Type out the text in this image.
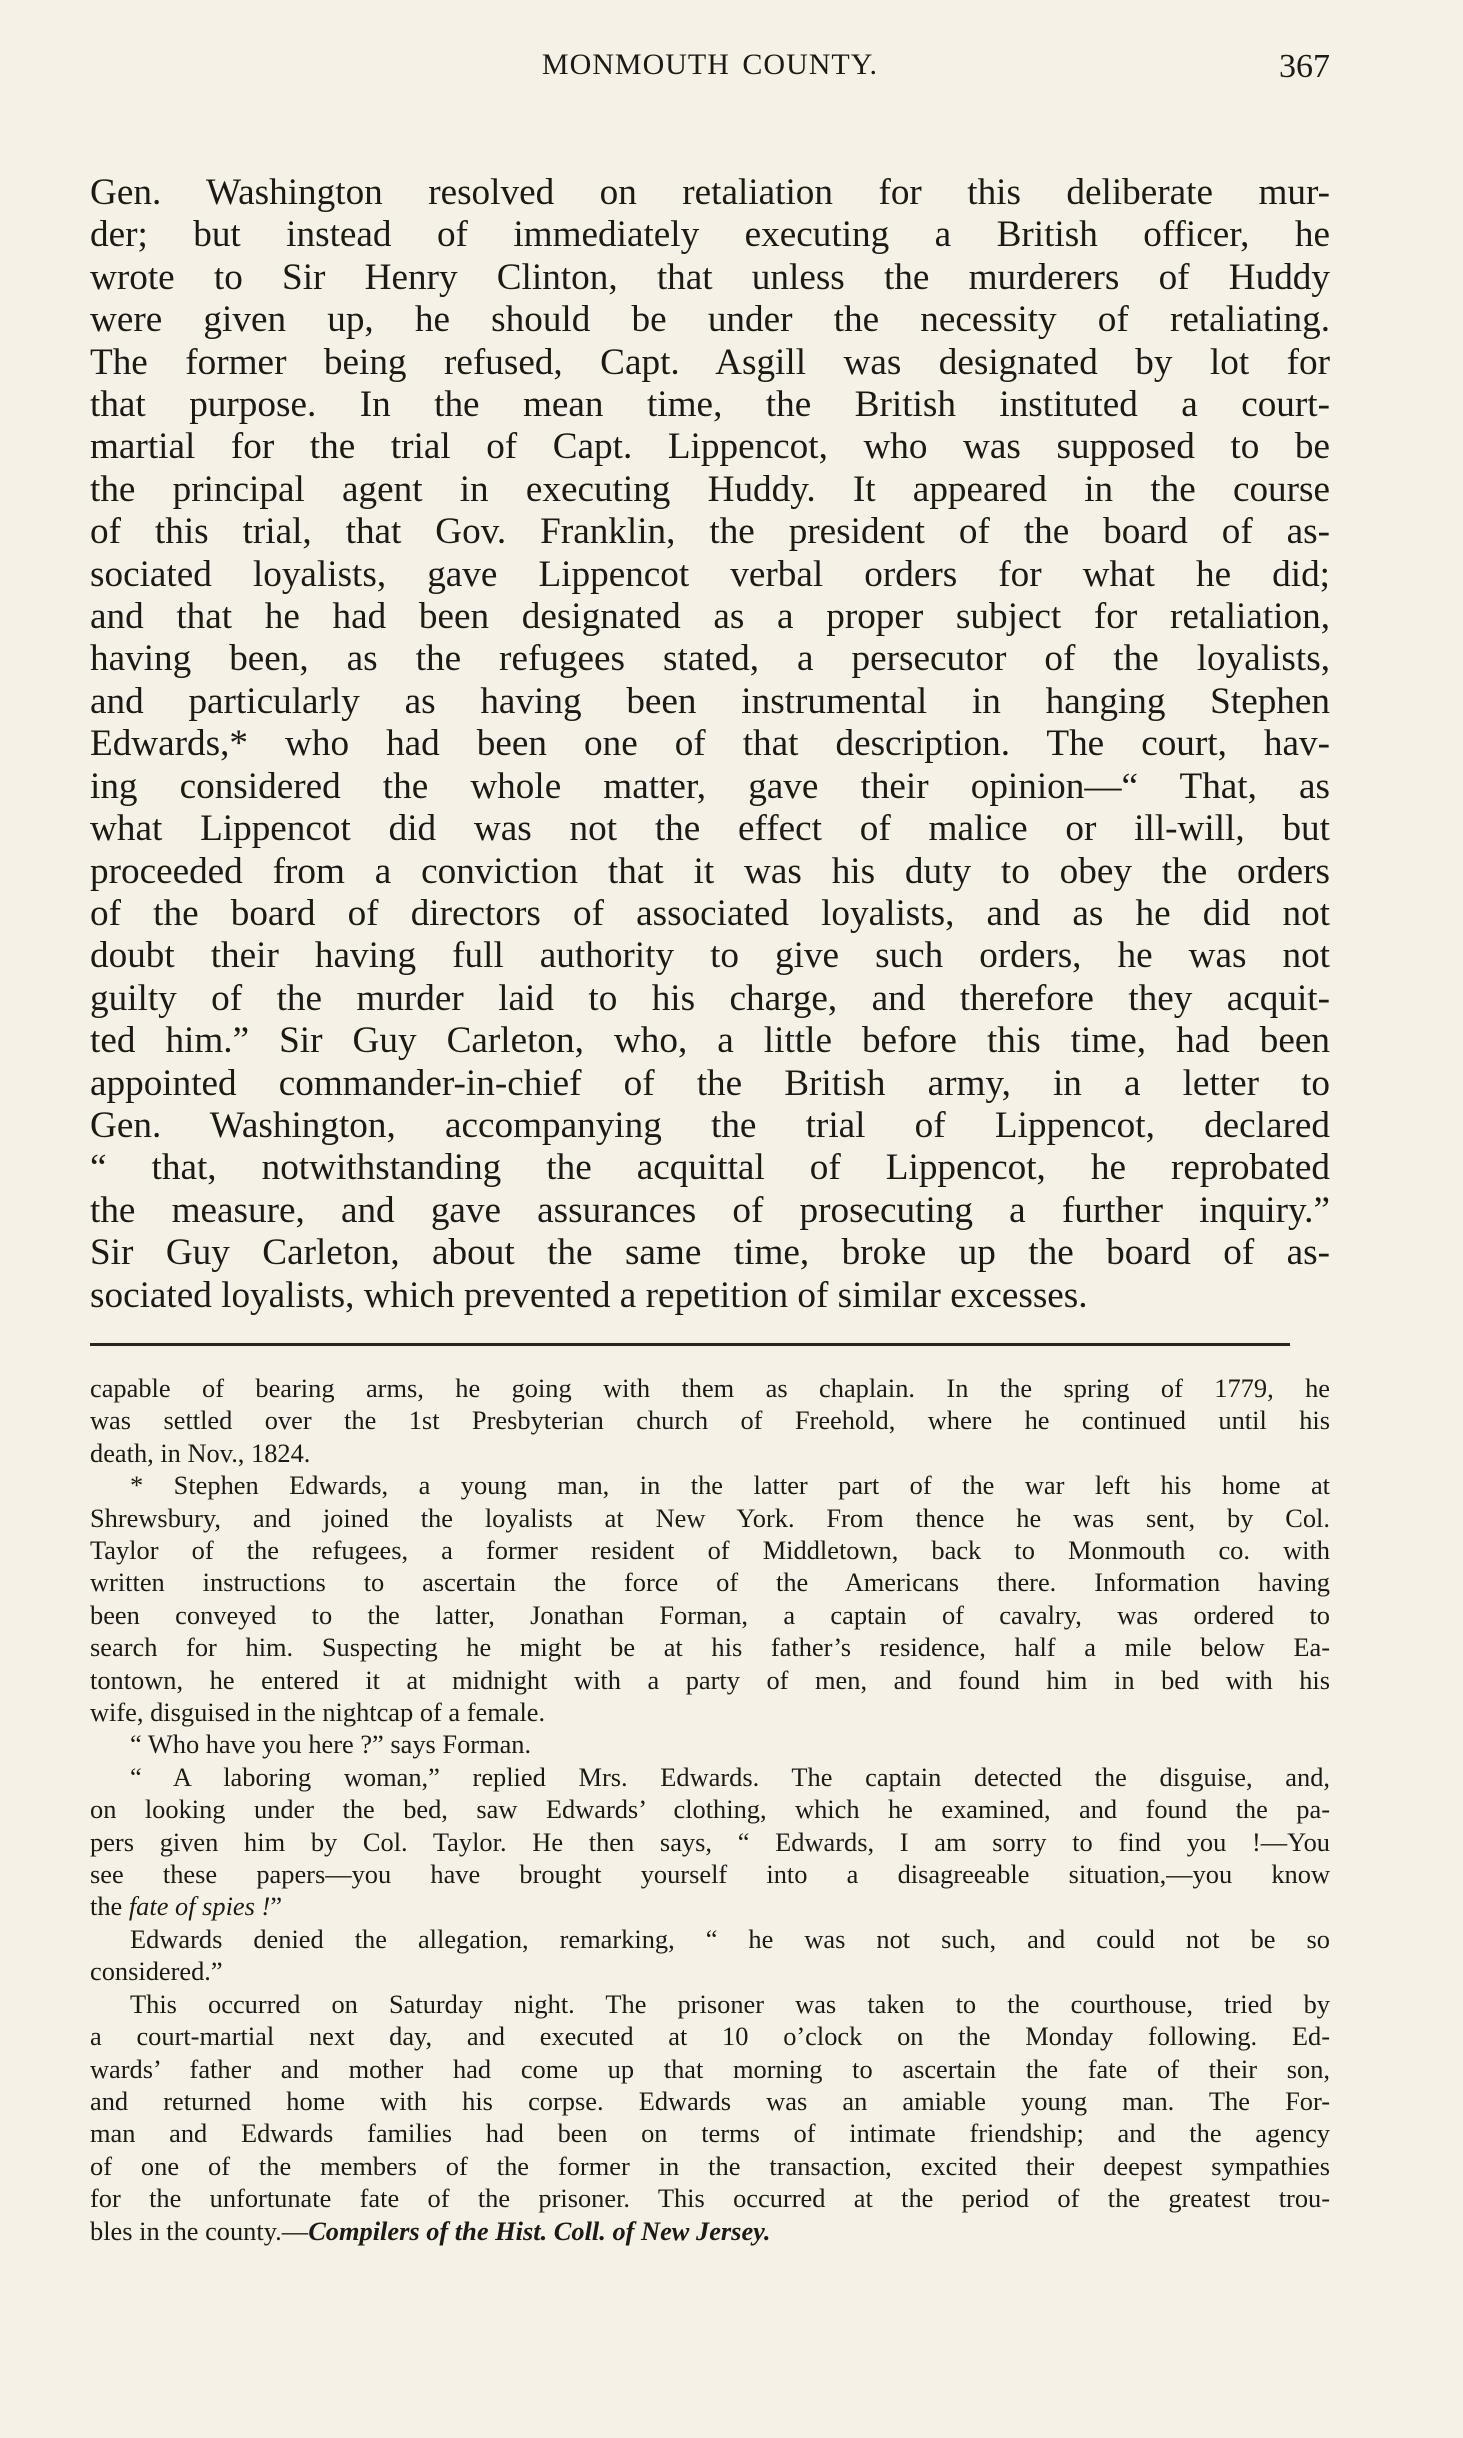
MONMOUTH COUNTY.	367
Gen. Washington resolved on retaliation for this deliberate mur-
der; but instead of immediately executing a British officer, he
wrote to Sir Henry Clinton, that unless the murderers of Huddy
were given up, he should be under the necessity of retaliating.
The former being refused, Capt. Asgill was designated by lot for
that purpose. In the mean time, the British instituted a court-
martial for the trial of Capt. Lippencot, who was supposed to be
the principal agent in executing Huddy. It appeared in the course
of this trial, that Gov. Franklin, the president of the board of as-
sociated loyalists, gave Lippencot verbal orders for what he did;
and that he had been designated as a proper subject for retaliation,
having been, as the refugees stated, a persecutor of the loyalists,
and particularly as having been instrumental in hanging Stephen
Edwards,* who had been one of that description. The court, hav-
ing considered the whole matter, gave their opinion—“ That, as
what Lippencot did was not the effect of malice or ill-will, but
proceeded from a conviction that it was his duty to obey the orders
of the board of directors of associated loyalists, and as he did not
doubt their having full authority to give such orders, he was not
guilty of the murder laid to his charge, and therefore they acquit-
ted him.” Sir Guy Carleton, who, a little before this time, had been
appointed commander-in-chief of the British army, in a letter to
Gen. Washington, accompanying the trial of Lippencot, declared
“ that, notwithstanding the acquittal of Lippencot, he reprobated
the measure, and gave assurances of prosecuting a further inquiry.”
Sir Guy Carleton, about the same time, broke up the board of as-
sociated loyalists, which prevented a repetition of similar excesses.
capable of bearing arms, he going with them as chaplain. In the spring of 1779, he
was settled over the 1st Presbyterian church of Freehold, where he continued until his
death, in Nov., 1824.
* Stephen Edwards, a young man, in the latter part of the war left his home at
Shrewsbury, and joined the loyalists at New York. From thence he was sent, by Col.
Taylor of the refugees, a former resident of Middletown, back to Monmouth co. with
written instructions to ascertain the force of the Americans there. Information having
been conveyed to the latter, Jonathan Forman, a captain of cavalry, was ordered to
search for him. Suspecting he might be at his father’s residence, half a mile below Ea-
tontown, he entered it at midnight with a party of men, and found him in bed with his
wife, disguised in the nightcap of a female.
“ Who have you here ?” says Forman.
“ A laboring woman,” replied Mrs. Edwards. The captain detected the disguise, and,
on looking under the bed, saw Edwards’ clothing, which he examined, and found the pa-
pers given him by Col. Taylor. He then says, “ Edwards, I am sorry to find you !—You
see these papers—you have brought yourself into a disagreeable situation,—you know
the fate of spies !”
Edwards denied the allegation, remarking, “ he was not such, and could not be so
considered.”
This occurred on Saturday night. The prisoner was taken to the courthouse, tried by
a court-martial next day, and executed at 10 o’clock on the Monday following. Ed-
wards’ father and mother had come up that morning to ascertain the fate of their son,
and returned home with his corpse. Edwards was an amiable young man. The For-
man and Edwards families had been on terms of intimate friendship; and the agency
of one of the members of the former in the transaction, excited their deepest sympathies
for the unfortunate fate of the prisoner. This occurred at the period of the greatest trou-
bles in the county.—Compilers of the Hist. Coll. of New Jersey.
